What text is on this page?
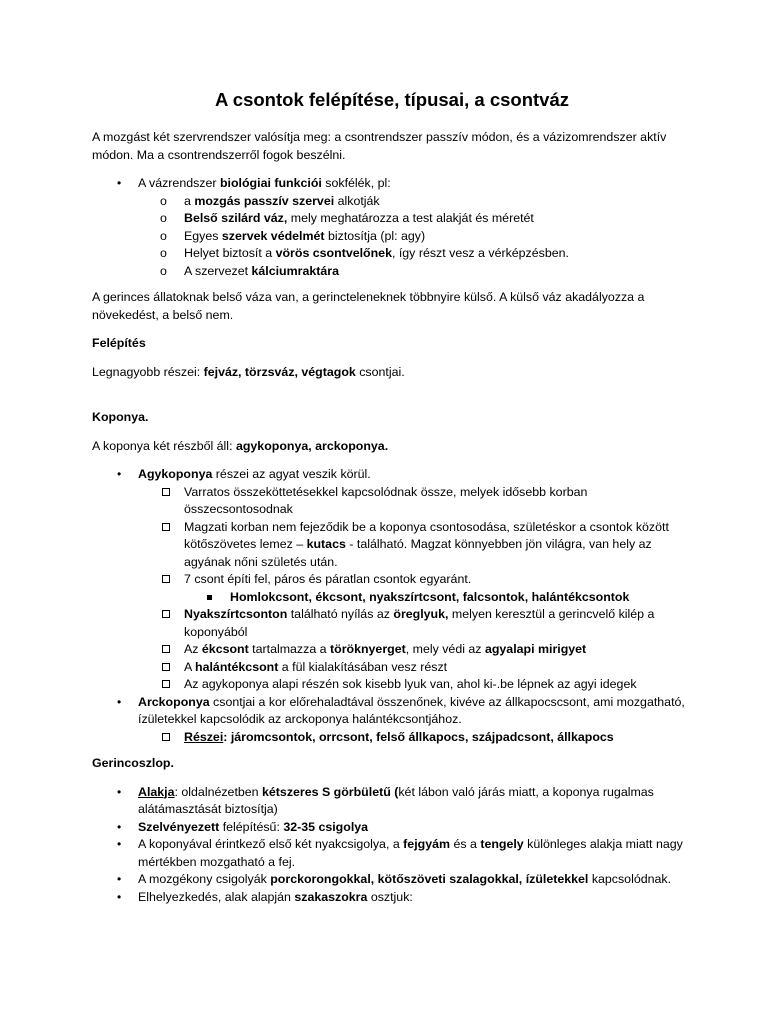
A csontok felépítése, típusai, a csontváz

A mozgást két szervrendszer valósítja meg: a csontrendszer passzív módon, és a vázizomrendszer aktív módon. Ma a csontrendszerről fogok beszélni.

• A vázrendszer biológiai funkciói sokfélék, pl:
o a mozgás passzív szervei alkotják
o Belső szilárd váz, mely meghatározza a test alakját és méretét
o Egyes szervek védelmét biztosítja (pl: agy)
o Helyet biztosít a vörös csontvelőnek, így részt vesz a vérképzésben.
o A szervezet kálciumraktára

A gerinces állatoknak belső váza van, a gerincteleneknek többnyire külső. A külső váz akadályozza a növekedést, a belső nem.

Felépítés

Legnagyobb részei: fejváz, törzsváz, végtagok csontjai.

Koponya.

A koponya két részből áll: agykoponya, arckoponya.

• Agykoponya részei az agyat veszik körül.
Varratos összeköttetésekkel kapcsolódnak össze, melyek idősebb korban összecsontosodnak
Magzati korban nem fejeződik be a koponya csontosodása, születéskor a csontok között kötőszövetes lemez – kutacs - található. Magzat könnyebben jön világra, van hely az agyának nőni születés után.
7 csont építi fel, páros és páratlan csontok egyaránt.
Homlokcsont, ékcsont, nyakszírtcsont, falcsontok, halántékcsontok
Nyakszírtcsonton található nyílás az öreglyuk, melyen keresztül a gerincvelő kilép a koponyából
Az ékcsont tartalmazza a töröknyerget, mely védi az agyalapi mirigyet
A halántékcsont a fül kialakításában vesz részt
Az agykoponya alapi részén sok kisebb lyuk van, ahol ki-.be lépnek az agyi idegek
• Arckoponya csontjai a kor előrehaladtával összenőnek, kivéve az állkapocscsont, ami mozgatható, ízületekkel kapcsolódik az arckoponya halántékcsontjához.
Részei: járomcsontok, orrcsont, felső állkapocs, szájpadcsont, állkapocs

Gerincoszlop.

• Alakja: oldalnézetben kétszeres S görbületű (két lábon való járás miatt, a koponya rugalmas alátámasztását biztosítja)
• Szelvényezett felépítésű: 32-35 csigolya
• A koponyával érintkező első két nyakcsigolya, a fejgyám és a tengely különleges alakja miatt nagy mértékben mozgatható a fej.
• A mozgékony csigolyák porckorongokkal, kötőszöveti szalagokkal, ízületekkel kapcsolódnak.
• Elhelyezkedés, alak alapján szakaszokra osztjuk:
